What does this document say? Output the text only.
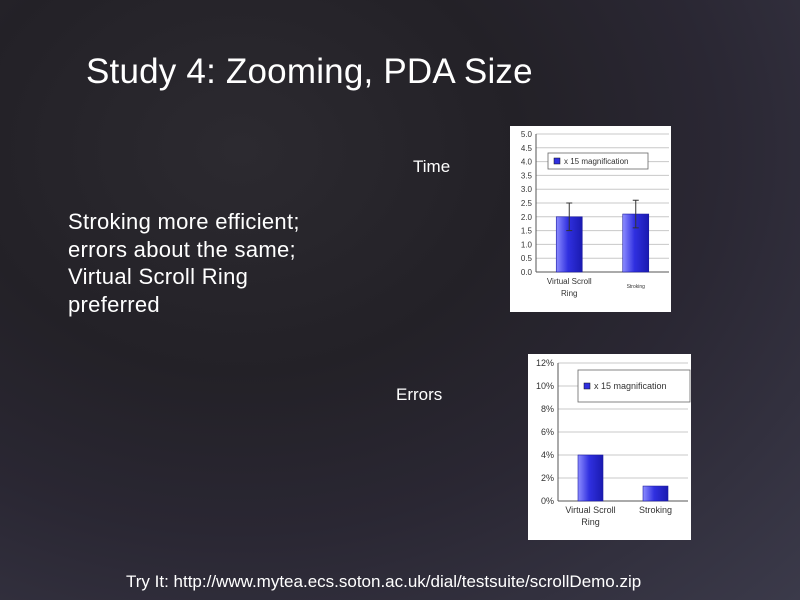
Study 4: Zooming, PDA Size
Time
Errors
Stroking more efficient;
errors about the same;
Virtual Scroll Ring
preferred
0.0
0.5
1.0
1.5
2.0
2.5
3.0
3.5
4.0
4.5
5.0
Virtual Scroll
Ring
Stroking
x 15 magnification
0%
2%
4%
6%
8%
10%
12%
Virtual Scroll
Ring
Stroking
x 15 magnification
Try It: http://www.mytea.ecs.soton.ac.uk/dial/testsuite/scrollDemo.zip
